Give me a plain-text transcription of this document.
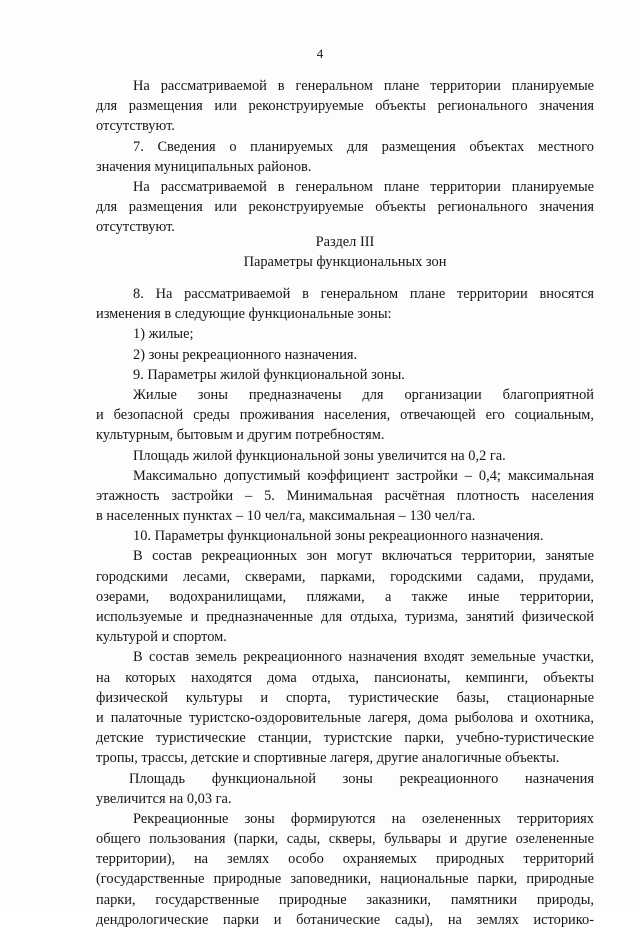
4
На рассматриваемой в генеральном плане территории планируемые
для размещения или реконструируемые объекты регионального значения
отсутствуют.
7. Сведения о планируемых для размещения объектах местного
значения муниципальных районов.
На рассматриваемой в генеральном плане территории планируемые
для размещения или реконструируемые объекты регионального значения
отсутствуют.
Раздел III
Параметры функциональных зон
8. На рассматриваемой в генеральном плане территории вносятся
изменения в следующие функциональные зоны:
1) жилые;
2) зоны рекреационного назначения.
9. Параметры жилой функциональной зоны.
Жилые зоны предназначены для организации благоприятной
и безопасной среды проживания населения, отвечающей его социальным,
культурным, бытовым и другим потребностям.
Площадь жилой функциональной зоны увеличится на 0,2 га.
Максимально допустимый коэффициент застройки – 0,4; максимальная
этажность застройки – 5. Минимальная расчётная плотность населения
в населенных пунктах – 10 чел/га, максимальная – 130 чел/га.
10. Параметры функциональной зоны рекреационного назначения.
В состав рекреационных зон могут включаться территории, занятые
городскими лесами, скверами, парками, городскими садами, прудами,
озерами, водохранилищами, пляжами, а также иные территории,
используемые и предназначенные для отдыха, туризма, занятий физической
культурой и спортом.
В состав земель рекреационного назначения входят земельные участки,
на которых находятся дома отдыха, пансионаты, кемпинги, объекты
физической культуры и спорта, туристические базы, стационарные
и палаточные туристско-оздоровительные лагеря, дома рыболова и охотника,
детские туристические станции, туристские парки, учебно-туристические
тропы, трассы, детские и спортивные лагеря, другие аналогичные объекты.
Площадь функциональной зоны рекреационного назначения
увеличится на 0,03 га.
Рекреационные зоны формируются на озелененных территориях
общего пользования (парки, сады, скверы, бульвары и другие озелененные
территории), на землях особо охраняемых природных территорий
(государственные природные заповедники, национальные парки, природные
парки, государственные природные заказники, памятники природы,
дендрологические парки и ботанические сады), на землях историко-
